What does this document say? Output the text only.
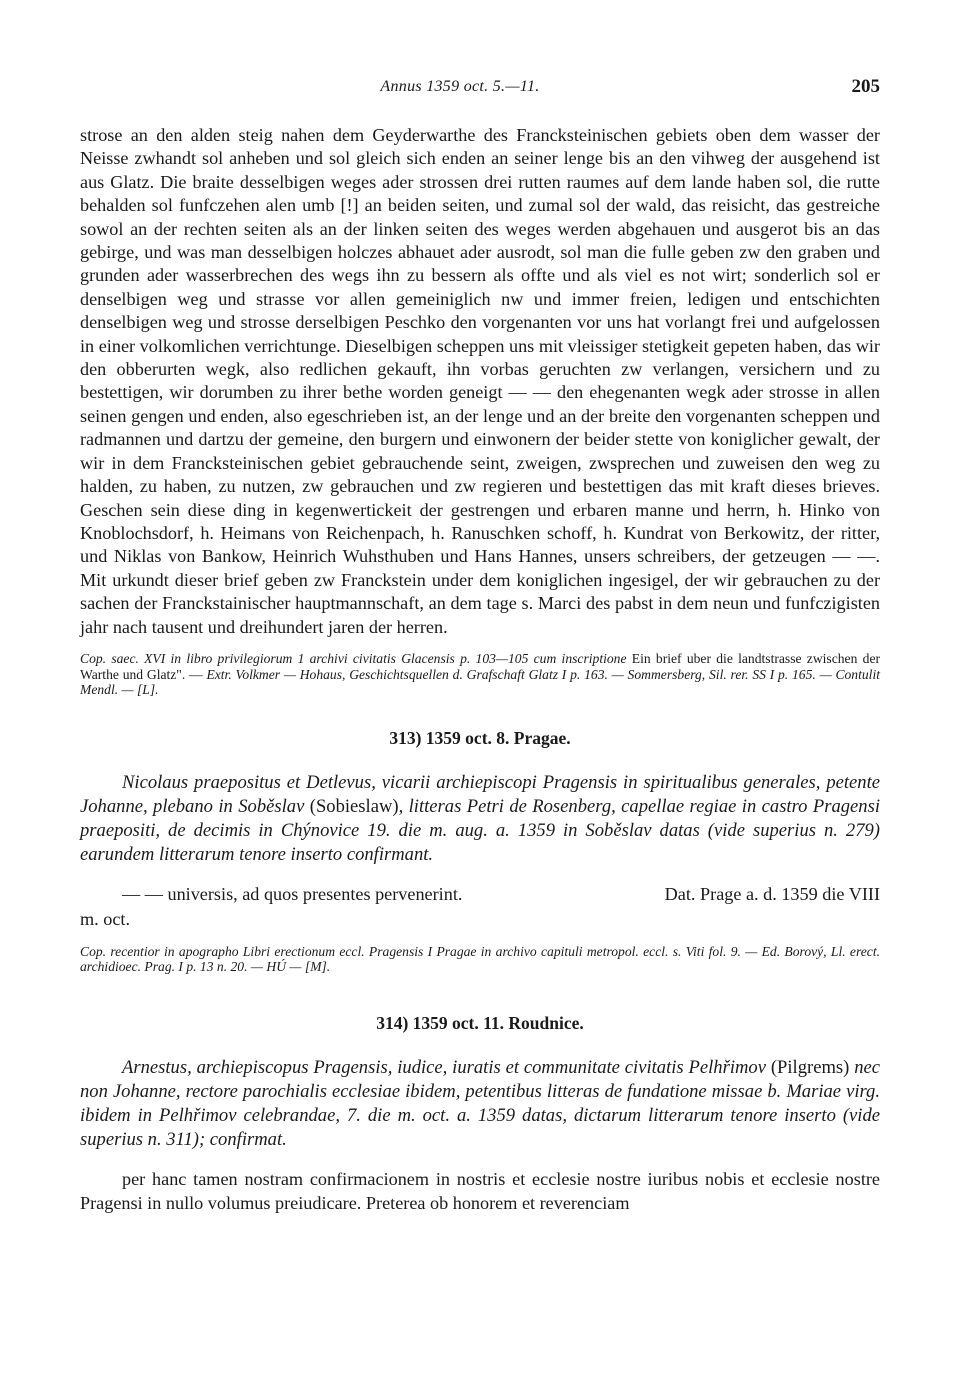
Annus 1359 oct. 5.—11.	205

strose an den alden steig nahen dem Geyderwarthe des Francksteinischen gebiets oben dem wasser der Neisse zwhandt sol anheben und sol gleich sich enden an seiner lenge bis an den vihweg der ausgehend ist aus Glatz. Die braite desselbigen weges ader strossen drei rutten raumes auf dem lande haben sol, die rutte behalden sol funfczehen alen umb [!] an beiden seiten, und zumal sol der wald, das reisicht, das gestreiche sowol an der rechten seiten als an der linken seiten des weges werden abgehauen und ausgerot bis an das gebirge, und was man desselbigen holczes abhauet ader ausrodt, sol man die fulle geben zw den graben und grunden ader wasserbrechen des wegs ihn zu bessern als offte und als viel es not wirt; sonderlich sol er denselbigen weg und strasse vor allen gemeiniglich nw und immer freien, ledigen und entschichten denselbigen weg und strosse derselbigen Peschko den vorgenanten vor uns hat vorlangt frei und aufgelossen in einer volkomlichen verrichtunge. Dieselbigen scheppen uns mit vleissiger stetigkeit gepeten haben, das wir den obberurten wegk, also redlichen gekauft, ihn vorbas geruchten zw verlangen, versichern und zu bestettigen, wir dorumben zu ihrer bethe worden geneigt — — den ehegenanten wegk ader strosse in allen seinen gengen und enden, also egeschrieben ist, an der lenge und an der breite den vorgenanten scheppen und radmannen und dartzu der gemeine, den burgern und einwonern der beider stette von koniglicher gewalt, der wir in dem Francksteinischen gebiet gebrauchende seint, zweigen, zwsprechen und zuweisen den weg zu halden, zu haben, zu nutzen, zw gebrauchen und zw regieren und bestettigen das mit kraft dieses brieves. Geschen sein diese ding in kegenwertickeit der gestrengen und erbaren manne und herrn, h. Hinko von Knoblochsdorf, h. Heimans von Reichenpach, h. Ranuschken schoff, h. Kundrat von Berkowitz, der ritter, und Niklas von Bankow, Heinrich Wuhsthuben und Hans Hannes, unsers schreibers, der getzeugen — —. Mit urkundt dieser brief geben zw Franckstein under dem koniglichen ingesigel, der wir gebrauchen zu der sachen der Franckstainischer hauptmannschaft, an dem tage s. Marci des pabst in dem neun und funfczigisten jahr nach tausent und dreihundert jaren der herren.

Cop. saec. XVI in libro privilegiorum 1 archivi civitatis Glacensis p. 103—105 cum inscriptione Ein brief uber die landtstrasse zwischen der Warthe und Glatz". — Extr. Volkmer — Hohaus, Geschichtsquellen d. Grafschaft Glatz I p. 163. — Sommersberg, Sil. rer. SS I p. 165. — Contulit Mendl. — [L].

313) 1359 oct. 8. Pragae.

Nicolaus praepositus et Detlevus, vicarii archiepiscopi Pragensis in spiritualibus generales, petente Johanne, plebano in Soběslav (Sobieslaw), litteras Petri de Rosenberg, capellae regiae in castro Pragensi praepositi, de decimis in Chýnovice 19. die m. aug. a. 1359 in Soběslav datas (vide superius n. 279) earundem litterarum tenore inserto confirmant.

— — universis, ad quos presentes pervenerint.	Dat. Prage a. d. 1359 die VIII
m. oct.

Cop. recentior in apographo Libri erectionum eccl. Pragensis I Pragae in archivo capituli metropol. eccl. s. Viti fol. 9. — Ed. Borový, Ll. erect. archidioec. Prag. I p. 13 n. 20. — HÚ — [M].

314) 1359 oct. 11. Roudnice.

Arnestus, archiepiscopus Pragensis, iudice, iuratis et communitate civitatis Pelhřimov (Pilgrems) nec non Johanne, rectore parochialis ecclesiae ibidem, petentibus litteras de fundatione missae b. Mariae virg. ibidem in Pelhřimov celebrandae, 7. die m. oct. a. 1359 datas, dictarum litterarum tenore inserto (vide superius n. 311); confirmat.

per hanc tamen nostram confirmacionem in nostris et ecclesie nostre iuribus nobis et ecclesie nostre Pragensi in nullo volumus preiudicare. Preterea ob honorem et reverenciam
